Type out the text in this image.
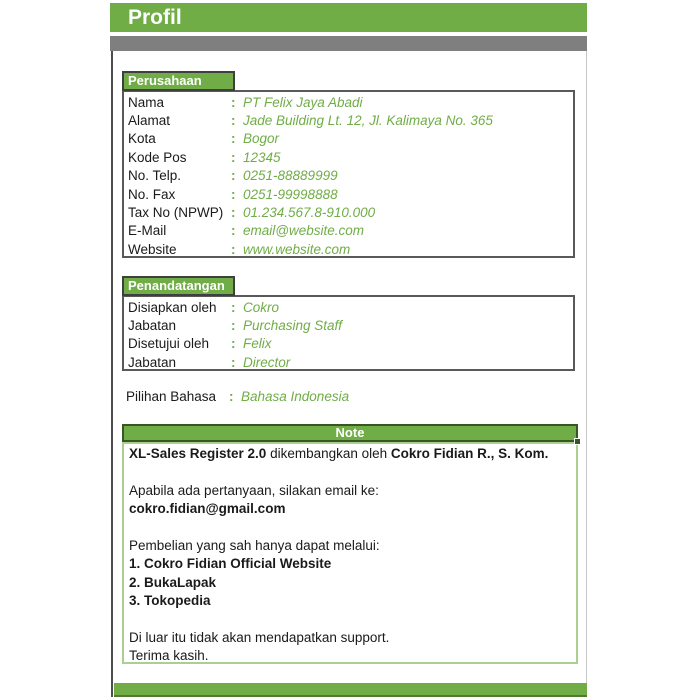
Profil
Perusahaan
Nama	: PT Felix Jaya Abadi
Alamat	: Jade Building Lt. 12, Jl. Kalimaya No. 365
Kota	: Bogor
Kode Pos	: 12345
No. Telp.	: 0251-88889999
No. Fax	: 0251-99998888
Tax No (NPWP) : 01.234.567.8-910.000
E-Mail	: email@website.com
Website	: www.website.com
Penandatangan
Disiapkan oleh	: Cokro
Jabatan	: Purchasing Staff
Disetujui oleh	: Felix
Jabatan	: Director
Pilihan Bahasa : Bahasa Indonesia
Note
XL-Sales Register 2.0 dikembangkan oleh Cokro Fidian R., S. Kom.

Apabila ada pertanyaan, silakan email ke:
cokro.fidian@gmail.com

Pembelian yang sah hanya dapat melalui:
1. Cokro Fidian Official Website
2. BukaLapak
3. Tokopedia

Di luar itu tidak akan mendapatkan support.
Terima kasih.
